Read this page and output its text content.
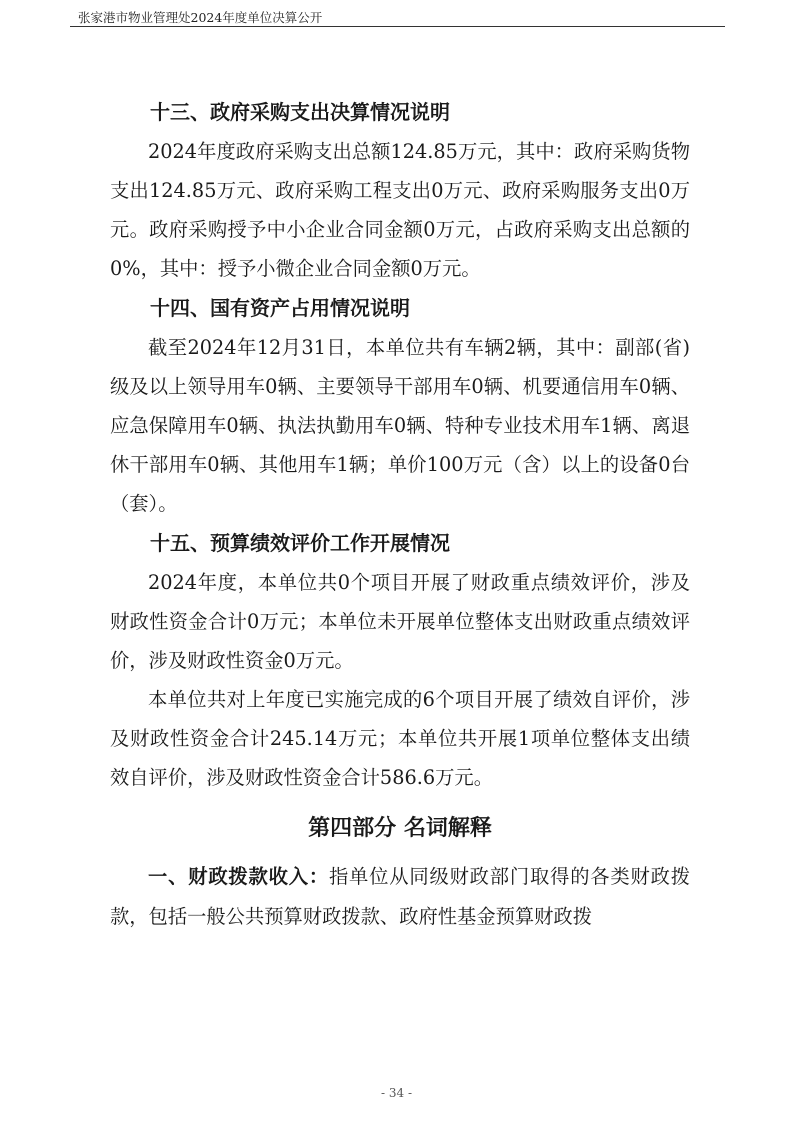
张家港市物业管理处2024年度单位决算公开

十三、政府采购支出决算情况说明

2024年度政府采购支出总额124.85万元，其中：政府采购货物支出124.85万元、政府采购工程支出0万元、政府采购服务支出0万元。政府采购授予中小企业合同金额0万元，占政府采购支出总额的0%，其中：授予小微企业合同金额0万元。

十四、国有资产占用情况说明

截至2024年12月31日，本单位共有车辆2辆，其中：副部(省)级及以上领导用车0辆、主要领导干部用车0辆、机要通信用车0辆、应急保障用车0辆、执法执勤用车0辆、特种专业技术用车1辆、离退休干部用车0辆、其他用车1辆；单价100万元（含）以上的设备0台（套）。

十五、预算绩效评价工作开展情况

2024年度，本单位共0个项目开展了财政重点绩效评价，涉及财政性资金合计0万元；本单位未开展单位整体支出财政重点绩效评价，涉及财政性资金0万元。

本单位共对上年度已实施完成的6个项目开展了绩效自评价，涉及财政性资金合计245.14万元；本单位共开展1项单位整体支出绩效自评价，涉及财政性资金合计586.6万元。

第四部分 名词解释

一、财政拨款收入：指单位从同级财政部门取得的各类财政拨款，包括一般公共预算财政拨款、政府性基金预算财政拨

- 34 -
